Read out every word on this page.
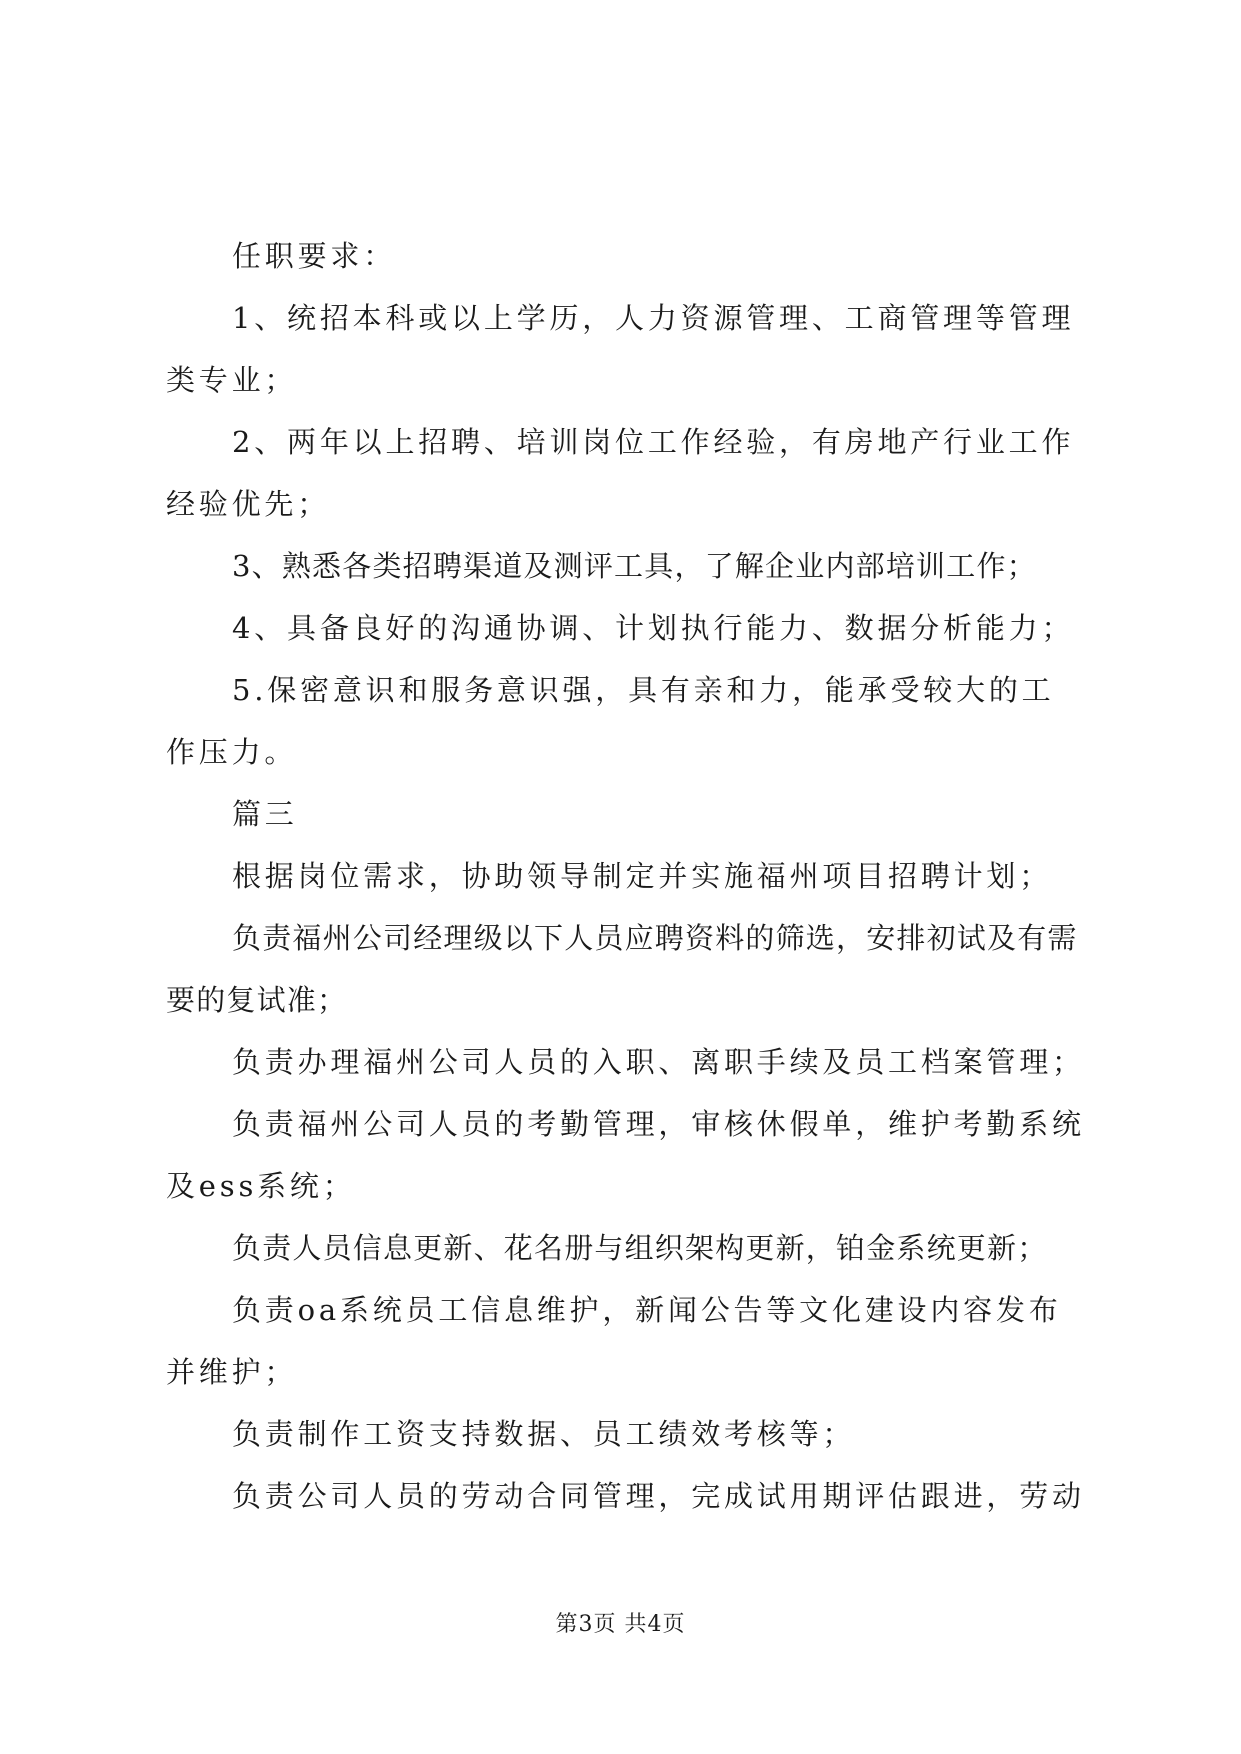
任职要求：

1、统招本科或以上学历，人力资源管理、工商管理等管理类专业；

2、两年以上招聘、培训岗位工作经验，有房地产行业工作经验优先；

3、熟悉各类招聘渠道及测评工具，了解企业内部培训工作；

4、具备良好的沟通协调、计划执行能力、数据分析能力；

5.保密意识和服务意识强，具有亲和力，能承受较大的工作压力。

篇三

根据岗位需求，协助领导制定并实施福州项目招聘计划；

负责福州公司经理级以下人员应聘资料的筛选，安排初试及有需要的复试准；

负责办理福州公司人员的入职、离职手续及员工档案管理；

负责福州公司人员的考勤管理，审核休假单，维护考勤系统及ess系统；

负责人员信息更新、花名册与组织架构更新，铂金系统更新；

负责oa系统员工信息维护，新闻公告等文化建设内容发布并维护；

负责制作工资支持数据、员工绩效考核等；

负责公司人员的劳动合同管理，完成试用期评估跟进，劳动

第3页 共4页
